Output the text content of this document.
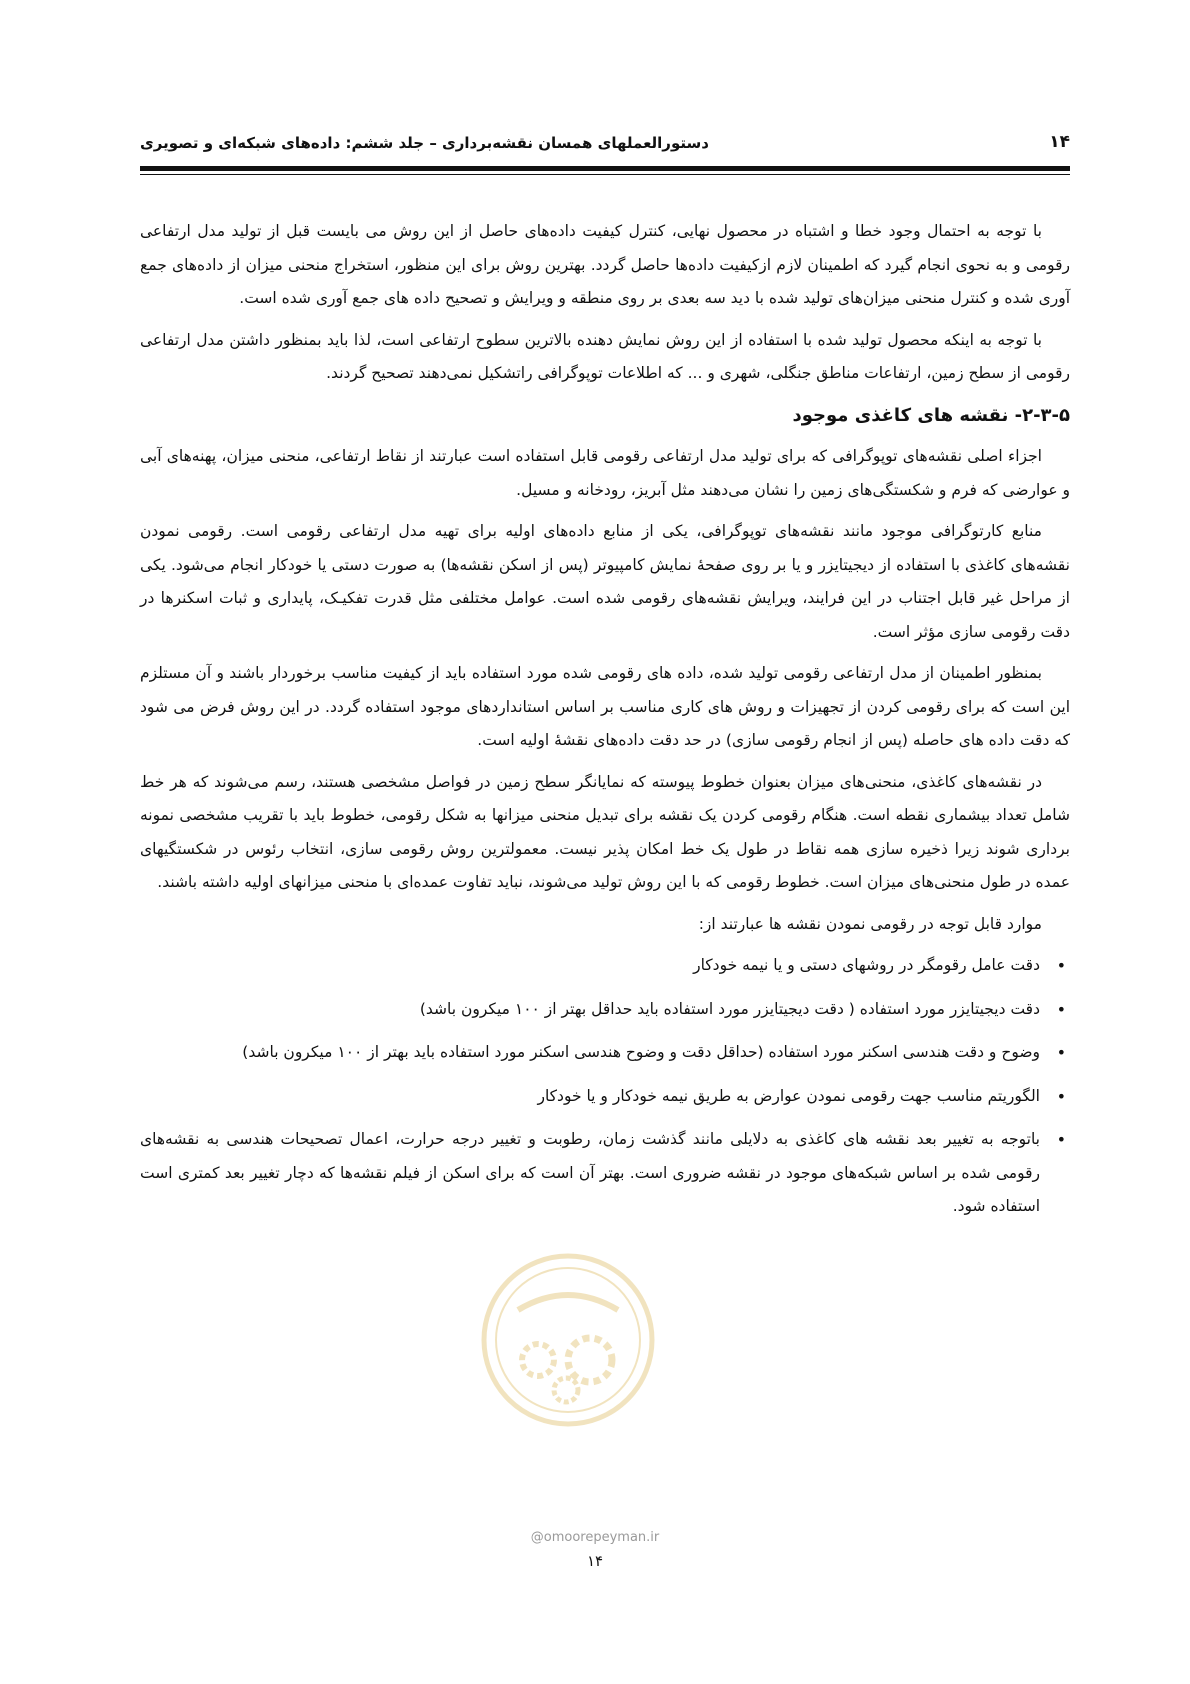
۱۴
دستورالعملهای همسان نقشه‌برداری – جلد ششم: داده‌های شبکه‌ای و تصویری

با توجه به احتمال وجود خطا و اشتباه در محصول نهایی، کنترل کیفیت داده‌های حاصل از این روش می بایست قبل از تولید مدل ارتفاعی رقومی و به نحوی انجام گیرد که اطمینان لازم ازکیفیت داده‌ها حاصل گردد. بهترین روش برای این منظور، استخراج منحنی میزان از داده‌های جمع آوری شده و کنترل منحنی میزان‌های تولید شده با دید سه بعدی بر روی منطقه و ویرایش و تصحیح داده های جمع آوری شده است.

با توجه به اینکه محصول تولید شده با استفاده از این روش نمایش دهنده بالاترین سطوح ارتفاعی است، لذا باید بمنظور داشتن مدل ارتفاعی رقومی از سطح زمین، ارتفاعات مناطق جنگلی، شهری و ... که اطلاعات توپوگرافی راتشکیل نمی‌دهند تصحیح گردند.

۲-۳-۵- نقشه های کاغذی موجود

اجزاء اصلی نقشه‌های توپوگرافی که برای تولید مدل ارتفاعی رقومی قابل استفاده است عبارتند از نقاط ارتفاعی، منحنی میزان، پهنه‌های آبی و عوارضی که فرم و شکستگی‌های زمین را نشان می‌دهند مثل آبریز، رودخانه و مسیل.

منابع کارتوگرافی موجود مانند نقشه‌های توپوگرافی، یکی از منابع داده‌های اولیه برای تهیه مدل ارتفاعی رقومی است. رقومی نمودن نقشه‌های کاغذی با استفاده از دیجیتایزر و یا بر روی صفحهٔ نمایش کامپیوتر (پس از اسکن نقشه‌ها) به صورت دستی یا خودکار انجام می‌شود. یکی از مراحل غیر قابل اجتناب در این فرایند، ویرایش نقشه‌های رقومی شده است. عوامل مختلفی مثل قدرت تفکیـک، پایداری و ثبات اسکنرها در دقت رقومی سازی مؤثر است.

بمنظور اطمینان از مدل ارتفاعی رقومی تولید شده، داده های رقومی شده مورد استفاده باید از کیفیت مناسب برخوردار باشند و آن مستلزم این است که برای رقومی کردن از تجهیزات و روش های کاری مناسب بر اساس استانداردهای موجود استفاده گردد. در این روش فرض می شود که دقت داده های حاصله (پس از انجام رقومی سازی) در حد دقت داده‌های نقشهٔ اولیه است.

در نقشه‌های کاغذی، منحنی‌های میزان بعنوان خطوط پیوسته که نمایانگر سطح زمین در فواصل مشخصی هستند، رسم می‌شوند که هر خط شامل تعداد بیشماری نقطه است. هنگام رقومی کردن یک نقشه برای تبدیل منحنی میزانها به شکل رقومی، خطوط باید با تقریب مشخصی نمونه برداری شوند زیرا ذخیره سازی همه نقاط در طول یک خط امکان پذیر نیست. معمولترین روش رقومی سازی، انتخاب رئوس در شکستگیهای عمده در طول منحنی‌های میزان است. خطوط رقومی که با این روش تولید می‌شوند، نباید تفاوت عمده‌ای با منحنی میزانهای اولیه داشته باشند.

موارد قابل توجه در رقومی نمودن نقشه ها عبارتند از:

• دقت عامل رقومگر در روشهای دستی و یا نیمه خودکار
• دقت دیجیتایزر مورد استفاده ( دقت دیجیتایزر مورد استفاده باید حداقل بهتر از ۱۰۰ میکرون باشد)
• وضوح و دقت هندسی اسکنر مورد استفاده (حداقل دقت و وضوح هندسی اسکنر مورد استفاده باید بهتر از ۱۰۰ میکرون باشد)
• الگوریتم مناسب جهت رقومی نمودن عوارض به طریق نیمه خودکار و یا خودکار
• باتوجه به تغییر بعد نقشه های کاغذی به دلایلی مانند گذشت زمان، رطوبت و تغییر درجه حرارت، اعمال تصحیحات هندسی به نقشه‌های رقومی شده بر اساس شبکه‌های موجود در نقشه ضروری است. بهتر آن است که برای اسکن از فیلم نقشه‌ها که دچار تغییر بعد کمتری است استفاده شود.
@omoorepeyman.ir
۱۴
